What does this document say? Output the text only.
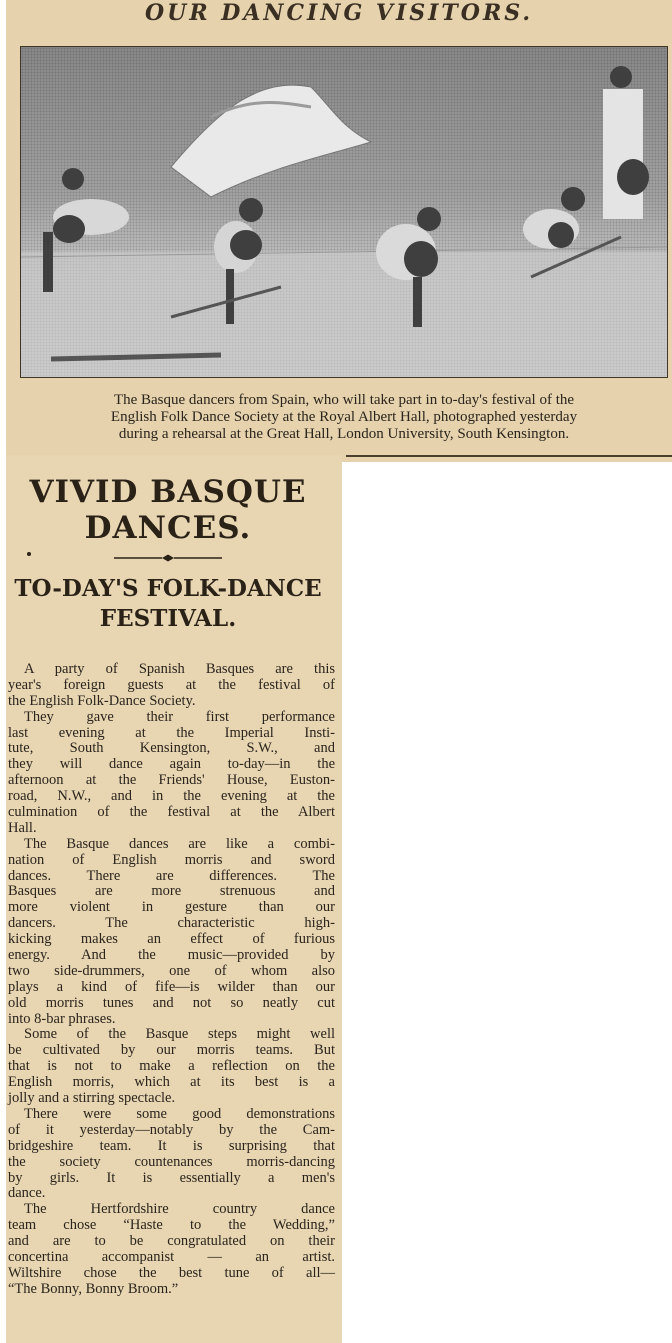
OUR DANCING VISITORS.
The Basque dancers from Spain, who will take part in to-day's festival of the
English Folk Dance Society at the Royal Albert Hall, photographed yesterday
during a rehearsal at the Great Hall, London University, South Kensington.
VIVID BASQUE
DANCES.
TO-DAY'S FOLK-DANCE
FESTIVAL.
A party of Spanish Basques are this
year's foreign guests at the festival of
the English Folk-Dance Society.
They gave their first performance
last evening at the Imperial Insti-
tute, South Kensington, S.W., and
they will dance again to-day—in the
afternoon at the Friends' House, Euston-
road, N.W., and in the evening at the
culmination of the festival at the Albert
Hall.
The Basque dances are like a combi-
nation of English morris and sword
dances. There are differences. The
Basques are more strenuous and
more violent in gesture than our
dancers. The characteristic high-
kicking makes an effect of furious
energy. And the music—provided by
two side-drummers, one of whom also
plays a kind of fife—is wilder than our
old morris tunes and not so neatly cut
into 8-bar phrases.
Some of the Basque steps might well
be cultivated by our morris teams. But
that is not to make a reflection on the
English morris, which at its best is a
jolly and a stirring spectacle.
There were some good demonstrations
of it yesterday—notably by the Cam-
bridgeshire team. It is surprising that
the society countenances morris-dancing
by girls. It is essentially a men's
dance.
The Hertfordshire country dance
team chose “Haste to the Wedding,”
and are to be congratulated on their
concertina accompanist — an artist.
Wiltshire chose the best tune of all—
“The Bonny, Bonny Broom.”
